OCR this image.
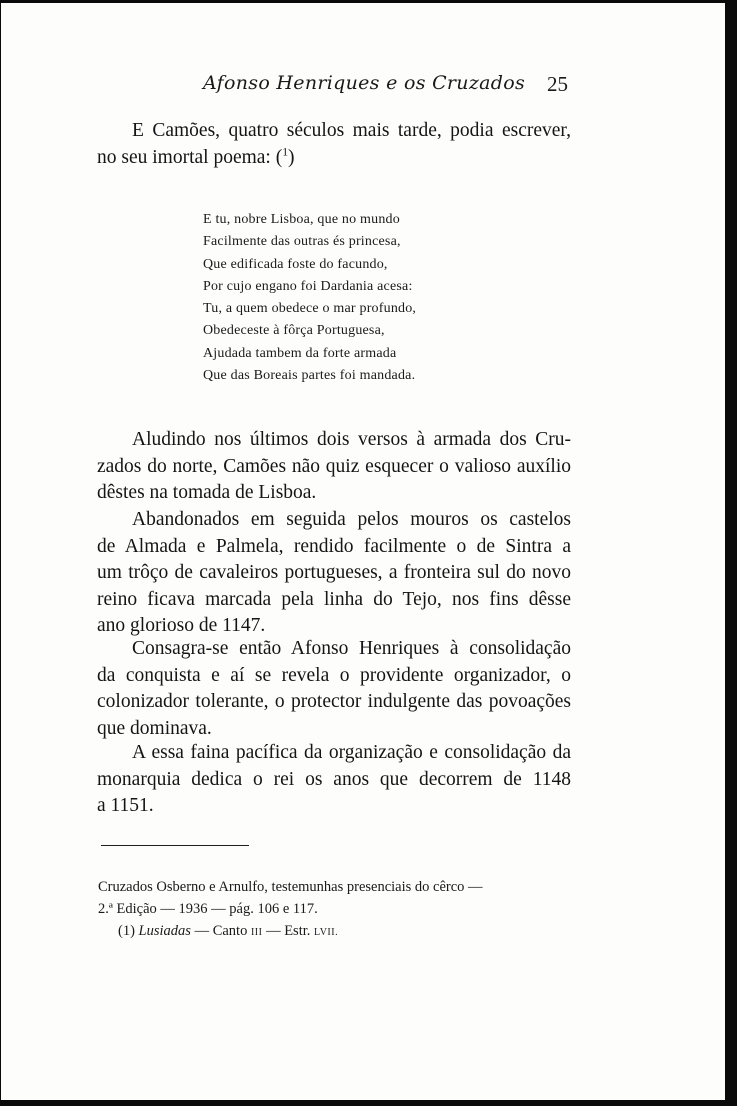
Afonso Henriques e os Cruzados 25
E Camões, quatro séculos mais tarde, podia escrever,
no seu imortal poema: ($^1$)
E tu, nobre Lisboa, que no mundo
Facilmente das outras és princesa,
Que edificada foste do facundo,
Por cujo engano foi Dardania acesa:
Tu, a quem obedece o mar profundo,
Obedeceste à fôrça Portuguesa,
Ajudada tambem da forte armada
Que das Boreais partes foi mandada.
Aludindo nos últimos dois versos à armada dos Cru-
zados do norte, Camões não quiz esquecer o valioso auxílio
dêstes na tomada de Lisboa.
Abandonados em seguida pelos mouros os castelos
de Almada e Palmela, rendido facilmente o de Sintra a
um trôço de cavaleiros portugueses, a fronteira sul do novo
reino ficava marcada pela linha do Tejo, nos fins dêsse
ano glorioso de 1147.
Consagra-se então Afonso Henriques à consolidação
da conquista e aí se revela o providente organizador, o
colonizador tolerante, o protector indulgente das povoações
que dominava.
A essa faina pacífica da organização e consolidação da
monarquia dedica o rei os anos que decorrem de 1148
a 1151.
Cruzados Osberno e Arnulfo, testemunhas presenciais do cêrco —
2.ª Edição — 1936 — pág. 106 e 117.
(1) Lusiadas — Canto III — Estr. LVII.
